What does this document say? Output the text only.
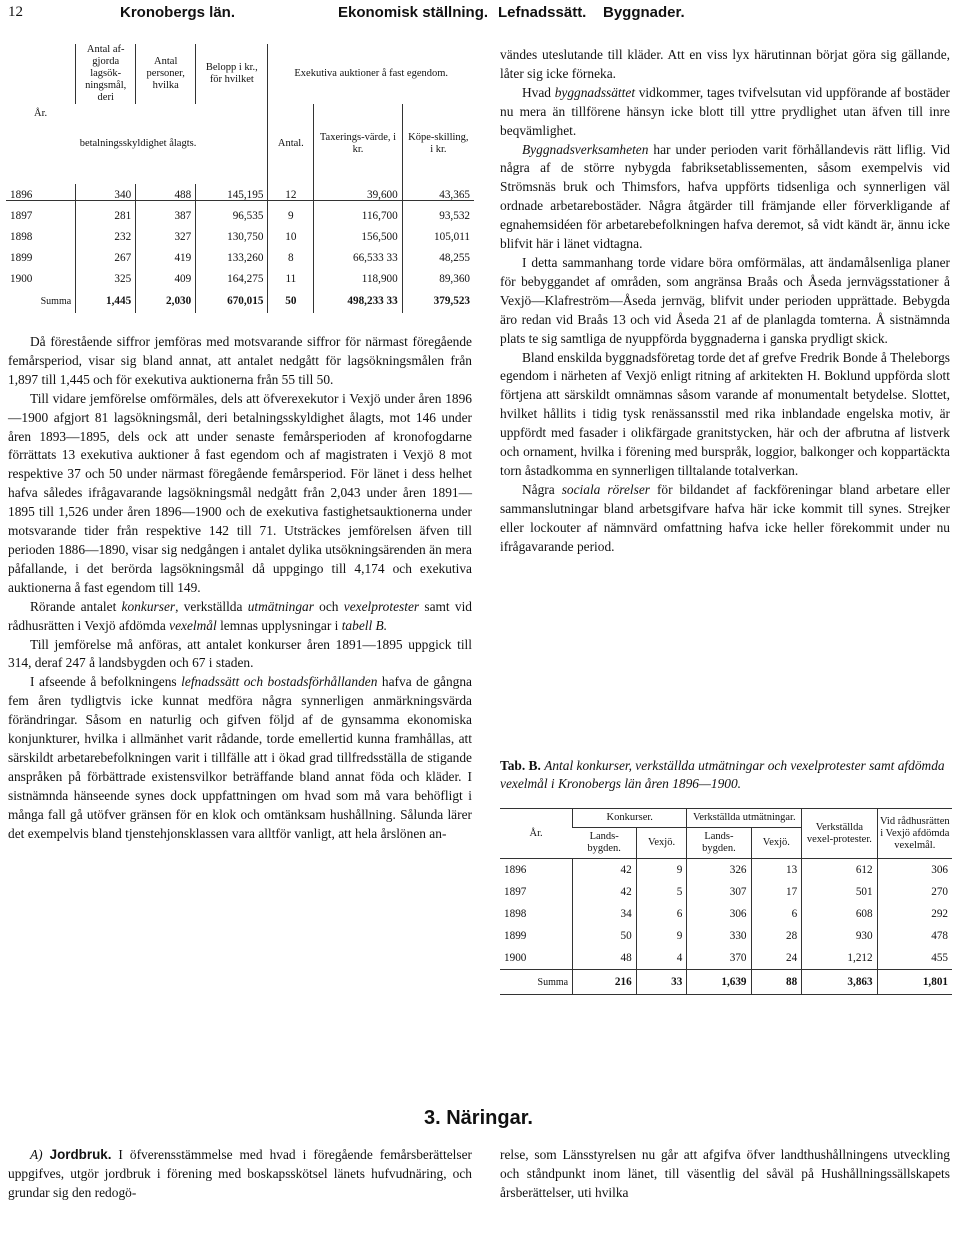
12	Kronobergs län.	Ekonomisk ställning. Lefnadssätt. Byggnader.
År.	Antal af-gjorda lagsök-ningsmål, deri	Antal personer, hvilka	Belopp i kr., för hvilket	Exekutiva auktioner å fast egendom.		
	betalningsskyldighet ålagts.			Antal.	Taxerings-värde, i kr.	Köpe-skilling, i kr.
1896	340	488	145,195	12	39,600	43,365
1897	281	387	96,535	9	116,700	93,532
1898	232	327	130,750	10	156,500	105,011
1899	267	419	133,260	8	66,533 33	48,255
1900	325	409	164,275	11	118,900	89,360
Summa	1,445	2,030	670,015	50	498,233 33	379,523

Då förestående siffror jemföras med motsvarande siffror för närmast föregående femårsperiod, visar sig bland annat, att antalet nedgått för lagsökningsmålen från 1,897 till 1,445 och för exekutiva auktionerna från 55 till 50.

Till vidare jemförelse omförmäles, dels att öfverexekutor i Vexjö under åren 1896—1900 afgjort 81 lagsökningsmål, deri betalningsskyldighet ålagts, mot 146 under åren 1893—1895, dels ock att under senaste femårsperioden af kronofogdarne förrättats 13 exekutiva auktioner å fast egendom och af magistraten i Vexjö 8 mot respektive 37 och 50 under närmast föregående femårsperiod. För länet i dess helhet hafva således ifrågavarande lagsökningsmål nedgått från 2,043 under åren 1891—1895 till 1,526 under åren 1896—1900 och de exekutiva fastighetsauktionerna under motsvarande tider från respektive 142 till 71. Utsträckes jemförelsen äfven till perioden 1886—1890, visar sig nedgången i antalet dylika utsökningsärenden än mera påfallande, i det berörda lagsökningsmål då uppgingo till 4,174 och exekutiva auktionerna å fast egendom till 149.

Rörande antalet konkurser, verkställda utmätningar och vexelprotester samt vid rådhusrätten i Vexjö afdömda vexelmål lemnas upplysningar i tabell B.

Till jemförelse må anföras, att antalet konkurser åren 1891—1895 uppgick till 314, deraf 247 å landsbygden och 67 i staden.

I afseende å befolkningens lefnadssätt och bostadsförhållanden hafva de gångna fem åren tydligtvis icke kunnat medföra några synnerligen anmärkningsvärda förändringar. Såsom en naturlig och gifven följd af de gynsamma ekonomiska konjunkturer, hvilka i allmänhet varit rådande, torde emellertid kunna framhållas, att särskildt arbetarebefolkningen varit i tillfälle att i ökad grad tillfredsställa de stigande anspråken på förbättrade existensvilkor beträffande bland annat föda och kläder. I sistnämnda hänseende synes dock uppfattningen om hvad som må vara behöfligt i många fall gå utöfver gränsen för en klok och omtänksam hushållning. Sålunda lärer det exempelvis bland tjenstehjonsklassen vara alltför vanligt, att hela årslönen an-

vändes uteslutande till kläder. Att en viss lyx härutinnan börjat göra sig gällande, låter sig icke förneka.

Hvad byggnadssättet vidkommer, tages tvifvelsutan vid uppförande af bostäder nu mera än tillförene hänsyn icke blott till yttre prydlighet utan äfven till inre beqvämlighet.

Byggnadsverksamheten har under perioden varit förhållandevis rätt liflig. Vid några af de större nybygda fabriksetablissementen, såsom exempelvis vid Strömsnäs bruk och Thimsfors, hafva uppförts tidsenliga och synnerligen väl ordnade arbetarebostäder. Några åtgärder till främjande eller förverkligande af egnahemsidéen för arbetarebefolkningen hafva deremot, så vidt kändt är, ännu icke blifvit här i länet vidtagna.

I detta sammanhang torde vidare böra omförmälas, att ändamålsenliga planer för bebyggandet af områden, som angränsa Braås och Åseda jernvägsstationer å Vexjö—Klafreström—Åseda jernväg, blifvit under perioden upprättade. Bebygda äro redan vid Braås 13 och vid Åseda 21 af de planlagda tomterna. Å sistnämnda plats te sig samtliga de nyuppförda byggnaderna i ganska prydligt skick.

Bland enskilda byggnadsföretag torde det af grefve Fredrik Bonde å Theleborgs egendom i närheten af Vexjö enligt ritning af arkitekten H. Boklund uppförda slott förtjena att särskildt omnämnas såsom varande af monumentalt betydelse. Slottet, hvilket hållits i tidig tysk renässansstil med rika inblandade engelska motiv, är uppfördt med fasader i olikfärgade granitstycken, här och der afbrutna af listverk och ornament, hvilka i förening med burspråk, loggior, balkonger och koppartäckta torn åstadkomma en synnerligen tilltalande totalverkan.

Några sociala rörelser för bildandet af fackföreningar bland arbetare eller sammanslutningar bland arbetsgifvare hafva här icke kommit till synes. Strejker eller lockouter af nämnvärd omfattning hafva icke heller förekommit under nu ifrågavarande period.

Tab. B. Antal konkurser, verkställda utmätningar och vexelprotester samt afdömda vexelmål i Kronobergs län åren 1896—1900.
År.	Konkurser.		Verkställda utmätningar.		Verkställda vexel-protester.	Vid rådhusrätten i Vexjö afdömda vexelmål.
	Lands-bygden.	Vexjö.	Lands-bygden.	Vexjö.		
1896	42	9	326	13	612	306
1897	42	5	307	17	501	270
1898	34	6	306	6	608	292
1899	50	9	330	28	930	478
1900	48	4	370	24	1,212	455
Summa	216	33	1,639	88	3,863	1,801
3. Näringar.

A) Jordbruk. I öfverensstämmelse med hvad i föregående femårsberättelser uppgifves, utgör jordbruk i förening med boskapsskötsel länets hufvudnäring, och grundar sig den redogö-

relse, som Länsstyrelsen nu går att afgifva öfver landthushållningens utveckling och ståndpunkt inom länet, till väsentlig del såväl på Hushållningssällskapets årsberättelser, uti hvilka
